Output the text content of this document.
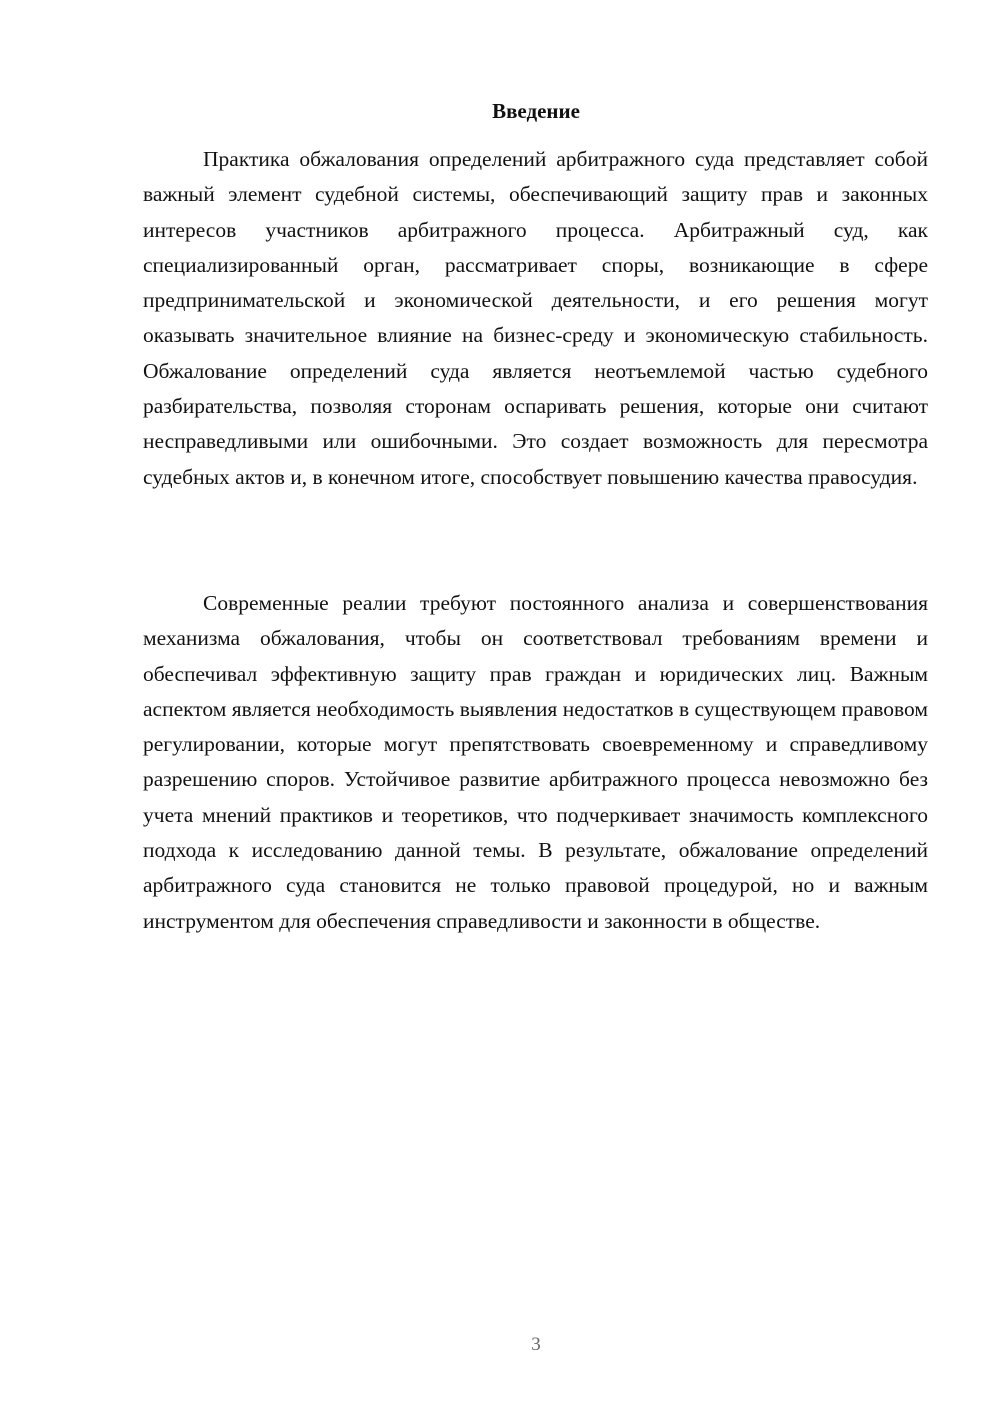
Введение

Практика обжалования определений арбитражного суда представляет собой важный элемент судебной системы, обеспечивающий защиту прав и законных интересов участников арбитражного процесса. Арбитражный суд, как специализированный орган, рассматривает споры, возникающие в сфере предпринимательской и экономической деятельности, и его решения могут оказывать значительное влияние на бизнес-среду и экономическую стабильность. Обжалование определений суда является неотъемлемой частью судебного разбирательства, позволяя сторонам оспаривать решения, которые они считают несправедливыми или ошибочными. Это создает возможность для пересмотра судебных актов и, в конечном итоге, способствует повышению качества правосудия.

Современные реалии требуют постоянного анализа и совершенствования механизма обжалования, чтобы он соответствовал требованиям времени и обеспечивал эффективную защиту прав граждан и юридических лиц. Важным аспектом является необходимость выявления недостатков в существующем правовом регулировании, которые могут препятствовать своевременному и справедливому разрешению споров. Устойчивое развитие арбитражного процесса невозможно без учета мнений практиков и теоретиков, что подчеркивает значимость комплексного подхода к исследованию данной темы. В результате, обжалование определений арбитражного суда становится не только правовой процедурой, но и важным инструментом для обеспечения справедливости и законности в обществе.

3
